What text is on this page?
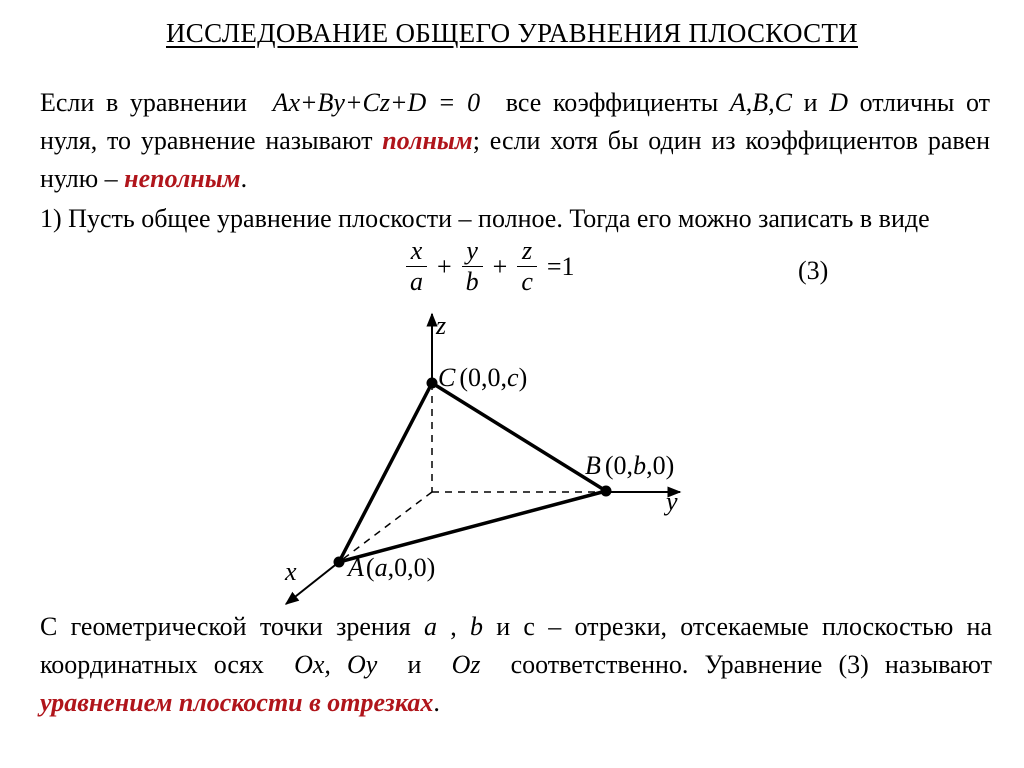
ИССЛЕДОВАНИЕ ОБЩЕГО УРАВНЕНИЯ ПЛОСКОСТИ
Если в уравнении Ax+By+Cz+D = 0 все коэффициенты A,B,C и D отличны от нуля, то уравнение называют полным; если хотя бы один из коэффициентов равен нулю – неполным.
1) Пусть общее уравнение плоскости – полное. Тогда его можно записать в виде
$\frac{x}{a} + \frac{y}{b} + \frac{z}{c} =1$	(3)
z
y
x
C (0,0,c)
B (0,b,0)
A(a,0,0)
С геометрической точки зрения a , b и с – отрезки, отсекаемые плоскостью на координатных осях Ox, Oy и Oz соответственно. Уравнение (3) называют уравнением плоскости в отрезках.
